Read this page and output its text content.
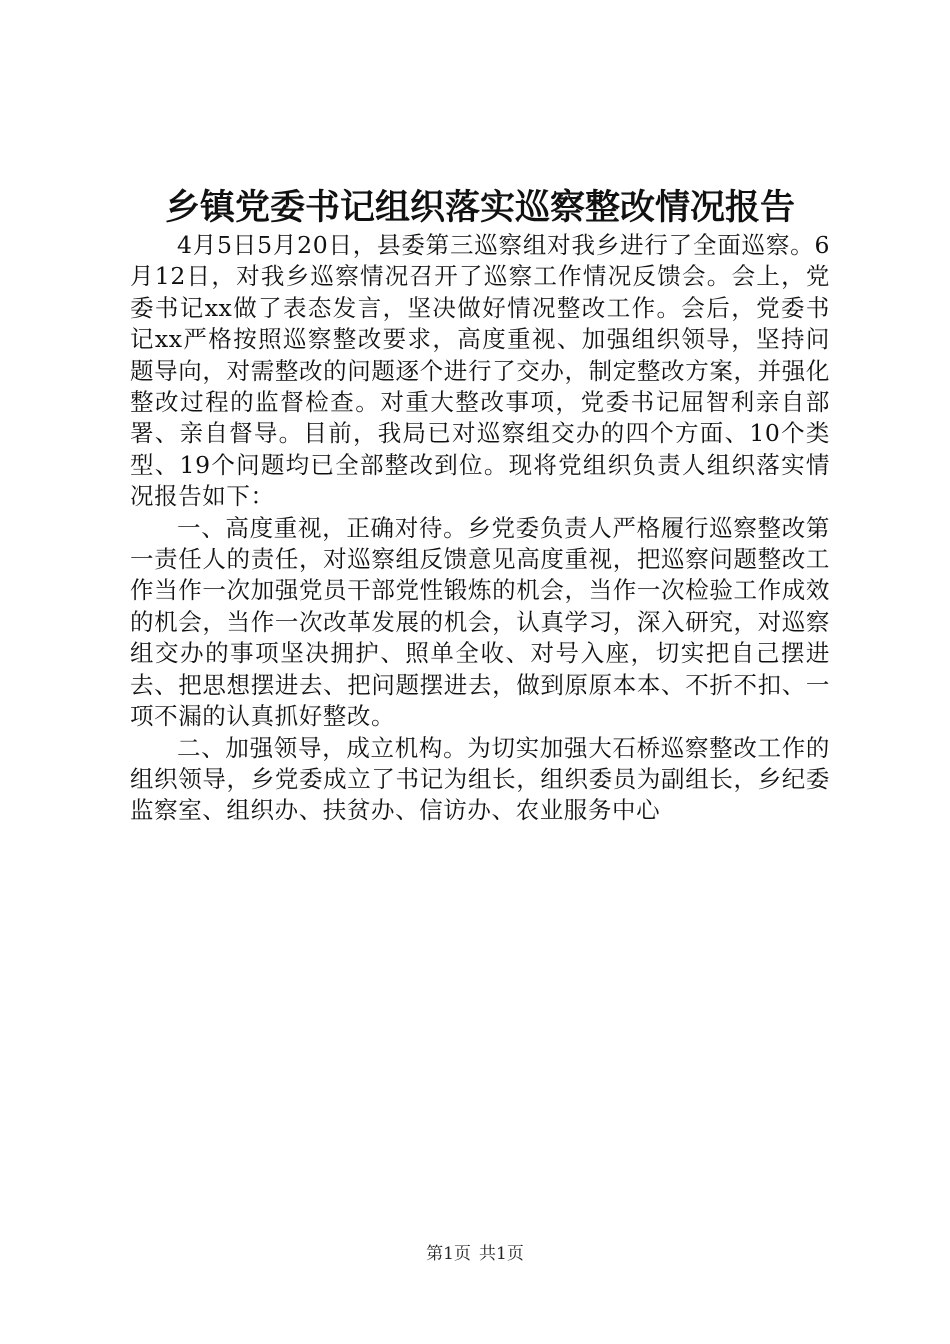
乡镇党委书记组织落实巡察整改情况报告

4月5日5月20日，县委第三巡察组对我乡进行了全面巡察。6月12日，对我乡巡察情况召开了巡察工作情况反馈会。会上，党委书记xx做了表态发言，坚决做好情况整改工作。会后，党委书记xx严格按照巡察整改要求，高度重视、加强组织领导，坚持问题导向，对需整改的问题逐个进行了交办，制定整改方案，并强化整改过程的监督检查。对重大整改事项，党委书记屈智利亲自部署、亲自督导。目前，我局已对巡察组交办的四个方面、10个类型、19个问题均已全部整改到位。现将党组织负责人组织落实情况报告如下：

一、高度重视，正确对待。乡党委负责人严格履行巡察整改第一责任人的责任，对巡察组反馈意见高度重视，把巡察问题整改工作当作一次加强党员干部党性锻炼的机会，当作一次检验工作成效的机会，当作一次改革发展的机会，认真学习，深入研究，对巡察组交办的事项坚决拥护、照单全收、对号入座，切实把自己摆进去、把思想摆进去、把问题摆进去，做到原原本本、不折不扣、一项不漏的认真抓好整改。

二、加强领导，成立机构。为切实加强大石桥巡察整改工作的组织领导，乡党委成立了书记为组长，组织委员为副组长，乡纪委监察室、组织办、扶贫办、信访办、农业服务中心

第1页 共1页
